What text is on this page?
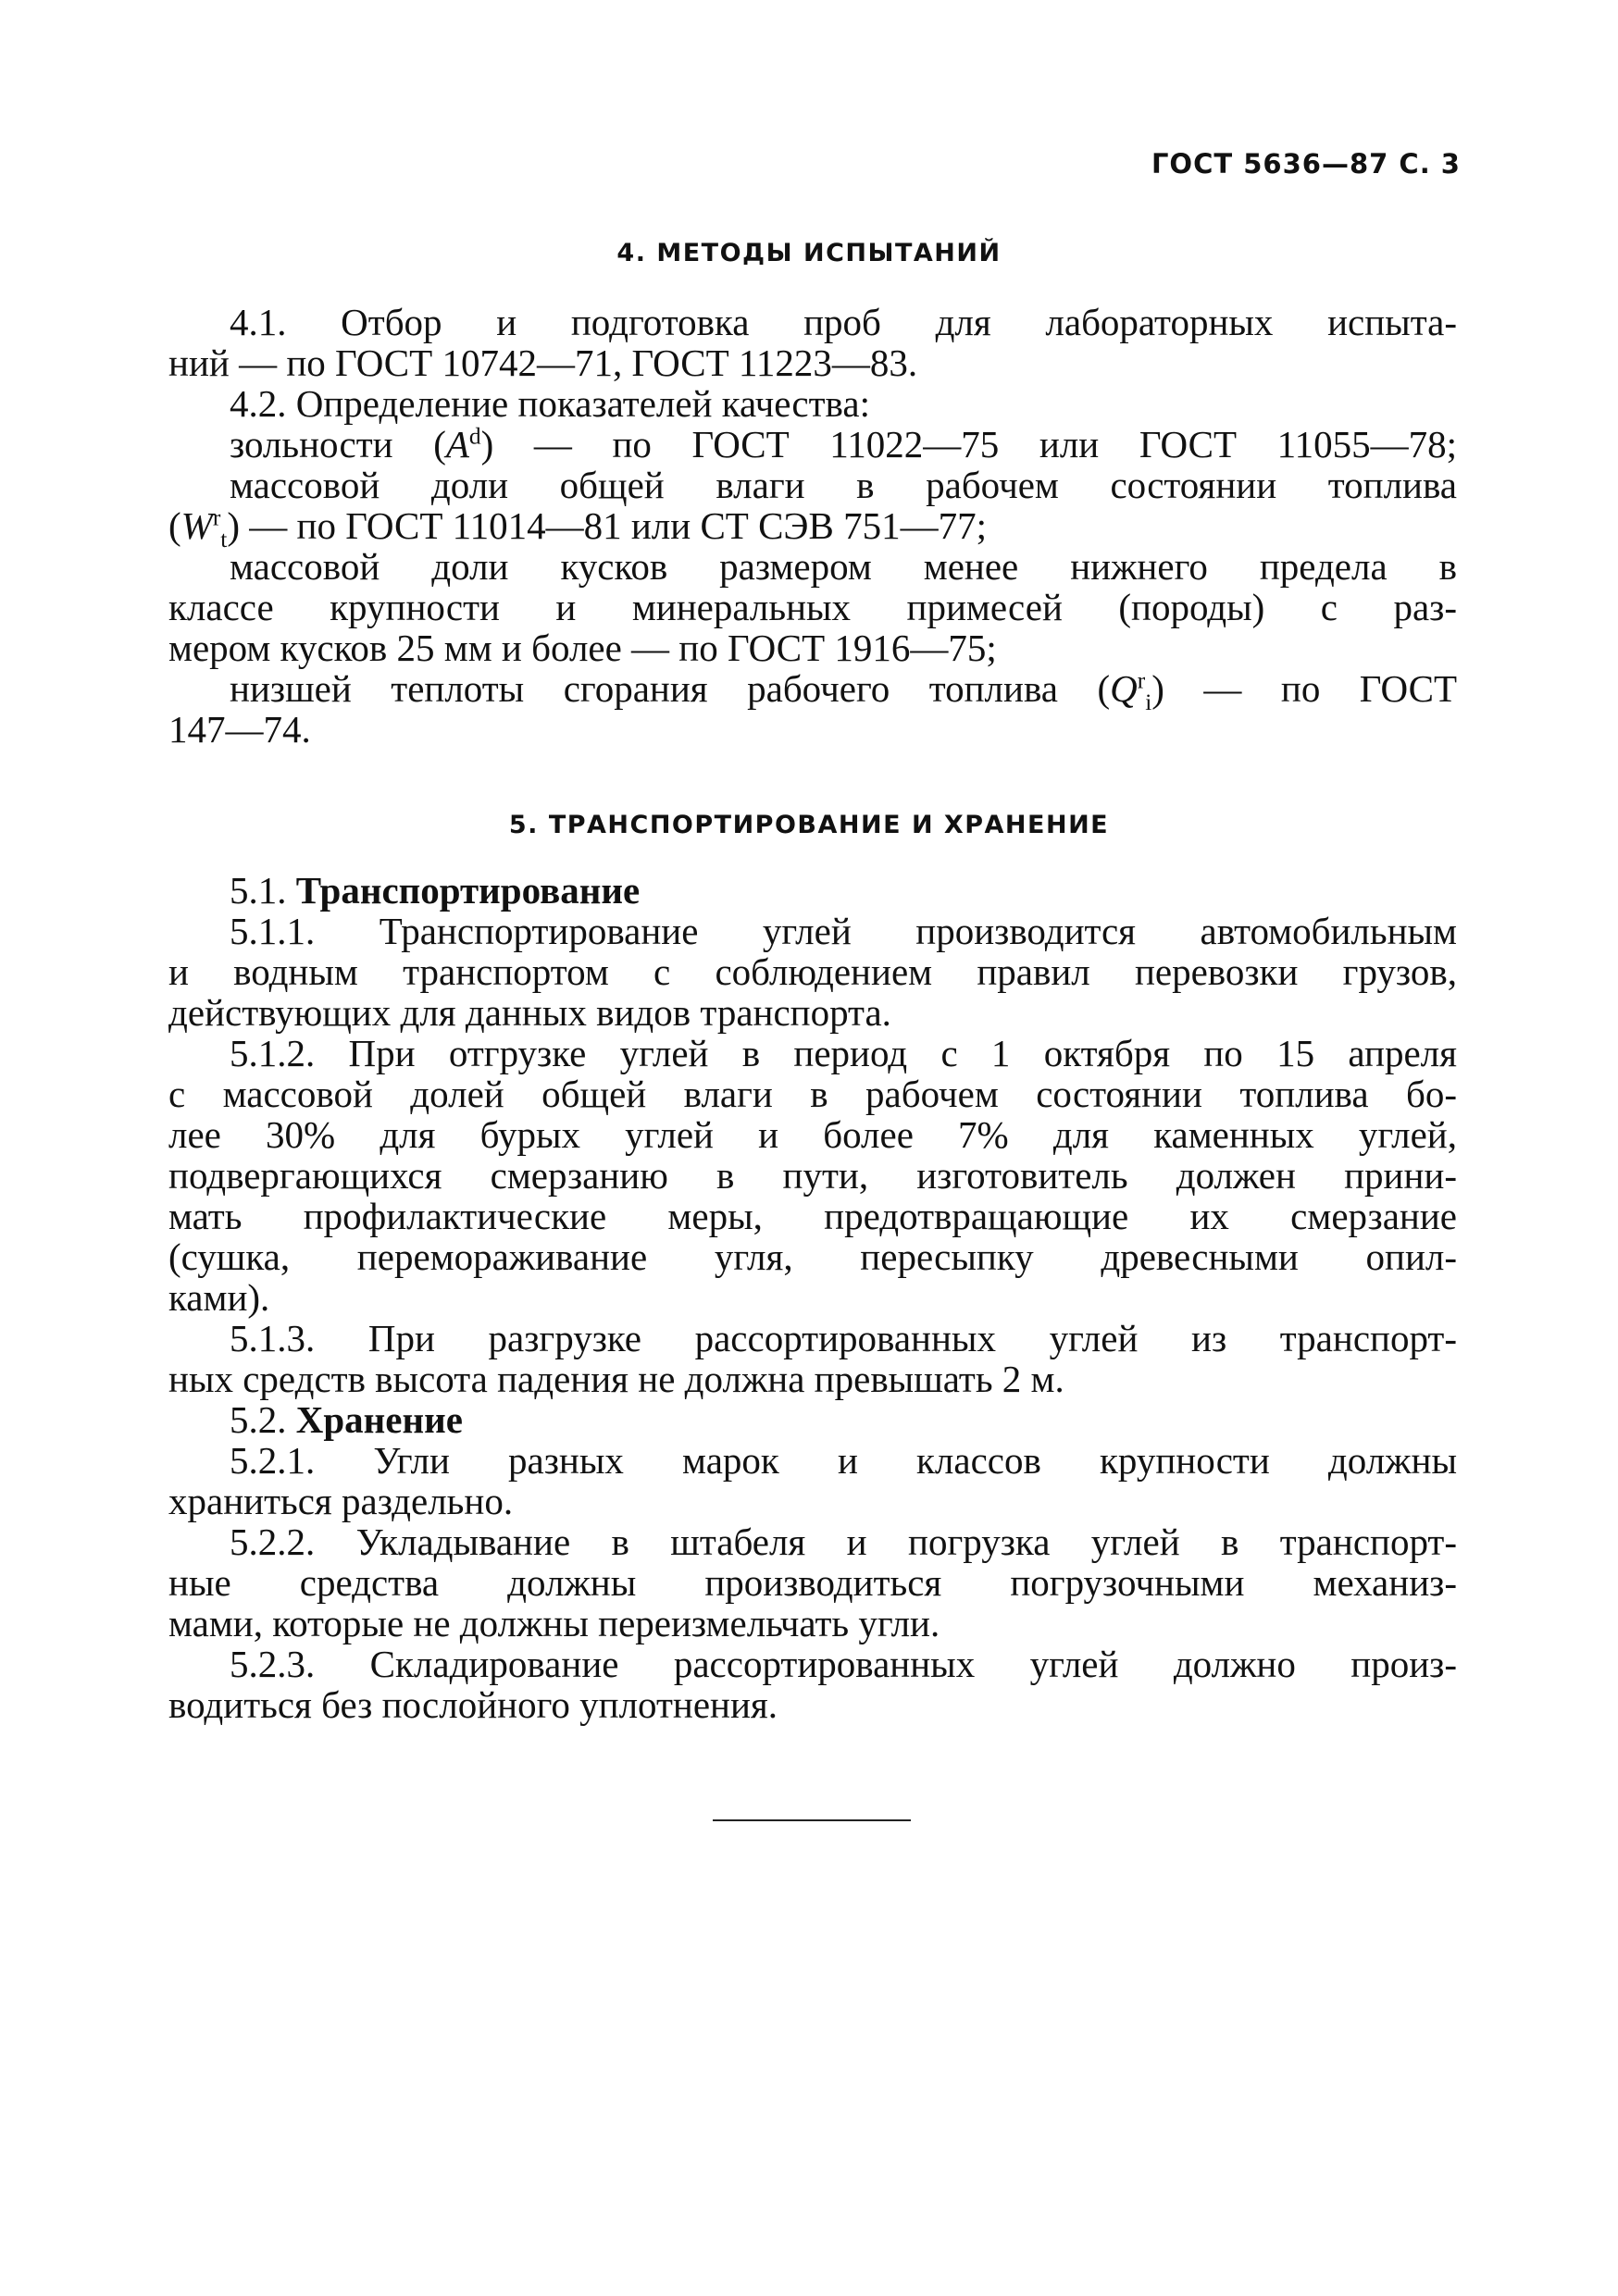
ГОСТ 5636—87 С. 3
4. МЕТОДЫ ИСПЫТАНИЙ
4.1. Отбор и подготовка проб для лабораторных испыта-
ний — по ГОСТ 10742—71, ГОСТ 11223—83.
4.2. Определение показателей качества:
зольности $(A^d)$ — по ГОСТ 11022—75 или ГОСТ 11055—78;
массовой доли общей влаги в рабочем состоянии топлива
$(W^r_t)$ — по ГОСТ 11014—81 или СТ СЭВ 751—77;
массовой доли кусков размером менее нижнего предела в
классе крупности и минеральных примесей (породы) с раз-
мером кусков 25 мм и более — по ГОСТ 1916—75;
низшей теплоты сгорания рабочего топлива $(Q^r_i)$ — по ГОСТ
147—74.
5. ТРАНСПОРТИРОВАНИЕ И ХРАНЕНИЕ
5.1. Транспортирование
5.1.1. Транспортирование углей производится автомобильным
и водным транспортом с соблюдением правил перевозки грузов,
действующих для данных видов транспорта.
5.1.2. При отгрузке углей в период с 1 октября по 15 апреля
с массовой долей общей влаги в рабочем состоянии топлива бо-
лее 30% для бурых углей и более 7% для каменных углей,
подвергающихся смерзанию в пути, изготовитель должен прини-
мать профилактические меры, предотвращающие их смерзание
(сушка, перемораживание угля, пересыпку древесными опил-
ками).
5.1.3. При разгрузке рассортированных углей из транспорт-
ных средств высота падения не должна превышать 2 м.
5.2. Хранение
5.2.1. Угли разных марок и классов крупности должны
храниться раздельно.
5.2.2. Укладывание в штабеля и погрузка углей в транспорт-
ные средства должны производиться погрузочными механиз-
мами, которые не должны переизмельчать угли.
5.2.3. Складирование рассортированных углей должно произ-
водиться без послойного уплотнения.
